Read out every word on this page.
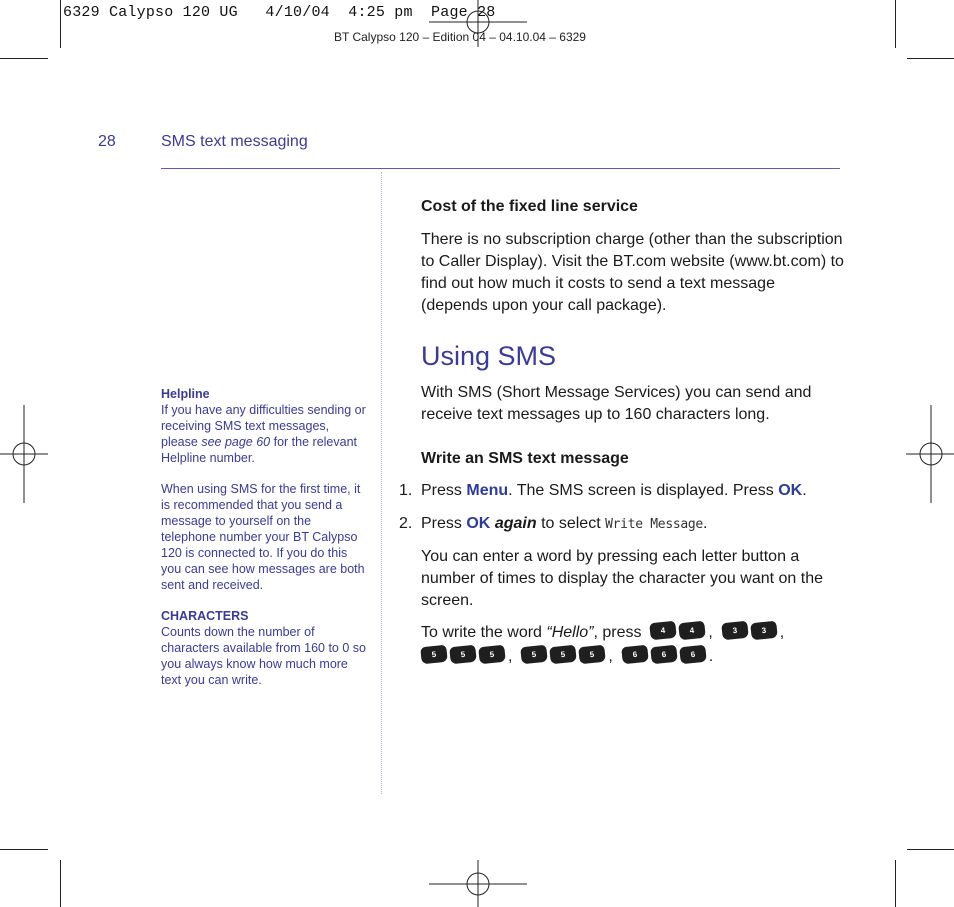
6329 Calypso 120 UG   4/10/04  4:25 pm  Page 28
BT Calypso 120 – Edition 04 – 04.10.04 – 6329
28	SMS text messaging
Helpline
If you have any difficulties sending or receiving SMS text messages, please see page 60 for the relevant Helpline number.
When using SMS for the first time, it is recommended that you send a message to yourself on the telephone number your BT Calypso 120 is connected to. If you do this you can see how messages are both sent and received.
CHARACTERS
Counts down the number of characters available from 160 to 0 so you always know how much more text you can write.
Cost of the fixed line service
There is no subscription charge (other than the subscription to Caller Display). Visit the BT.com website (www.bt.com) to find out how much it costs to send a text message (depends upon your call package).
Using SMS
With SMS (Short Message Services) you can send and receive text messages up to 160 characters long.
Write an SMS text message
1. Press Menu. The SMS screen is displayed. Press OK.
2. Press OK again to select Write Message.
You can enter a word by pressing each letter button a number of times to display the character you want on the screen.
To write the word “Hello”, press 4	4 , 3	3 ,
5	5	5 , 5	5	5 , 6	6	6 .
